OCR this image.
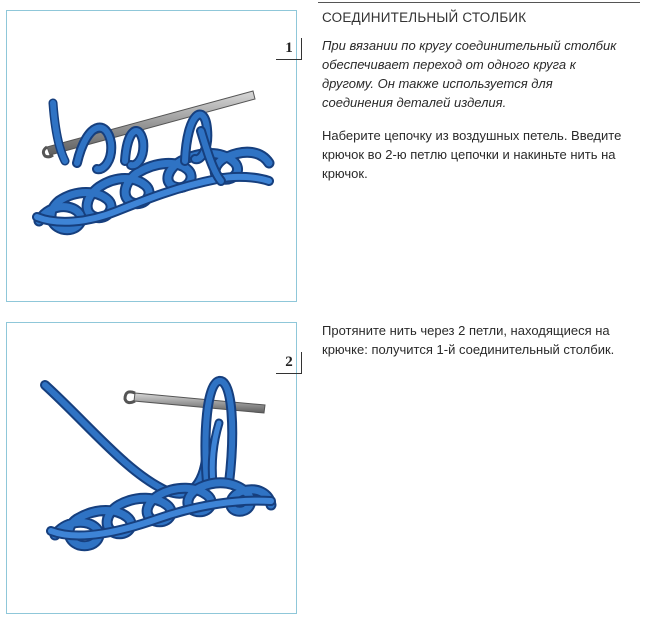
1
СОЕДИНИТЕЛЬНЫЙ СТОЛБИК

При вязании по кругу соединительный столбик обеспечивает переход от одного круга к другому. Он также используется для соединения деталей изделия.

Наберите цепочку из воздушных петель. Введите крючок во 2-ю петлю цепочки и накиньте нить на крючок.

2

Протяните нить через 2 петли, находящиеся на крючке: получится 1-й соединительный столбик.
